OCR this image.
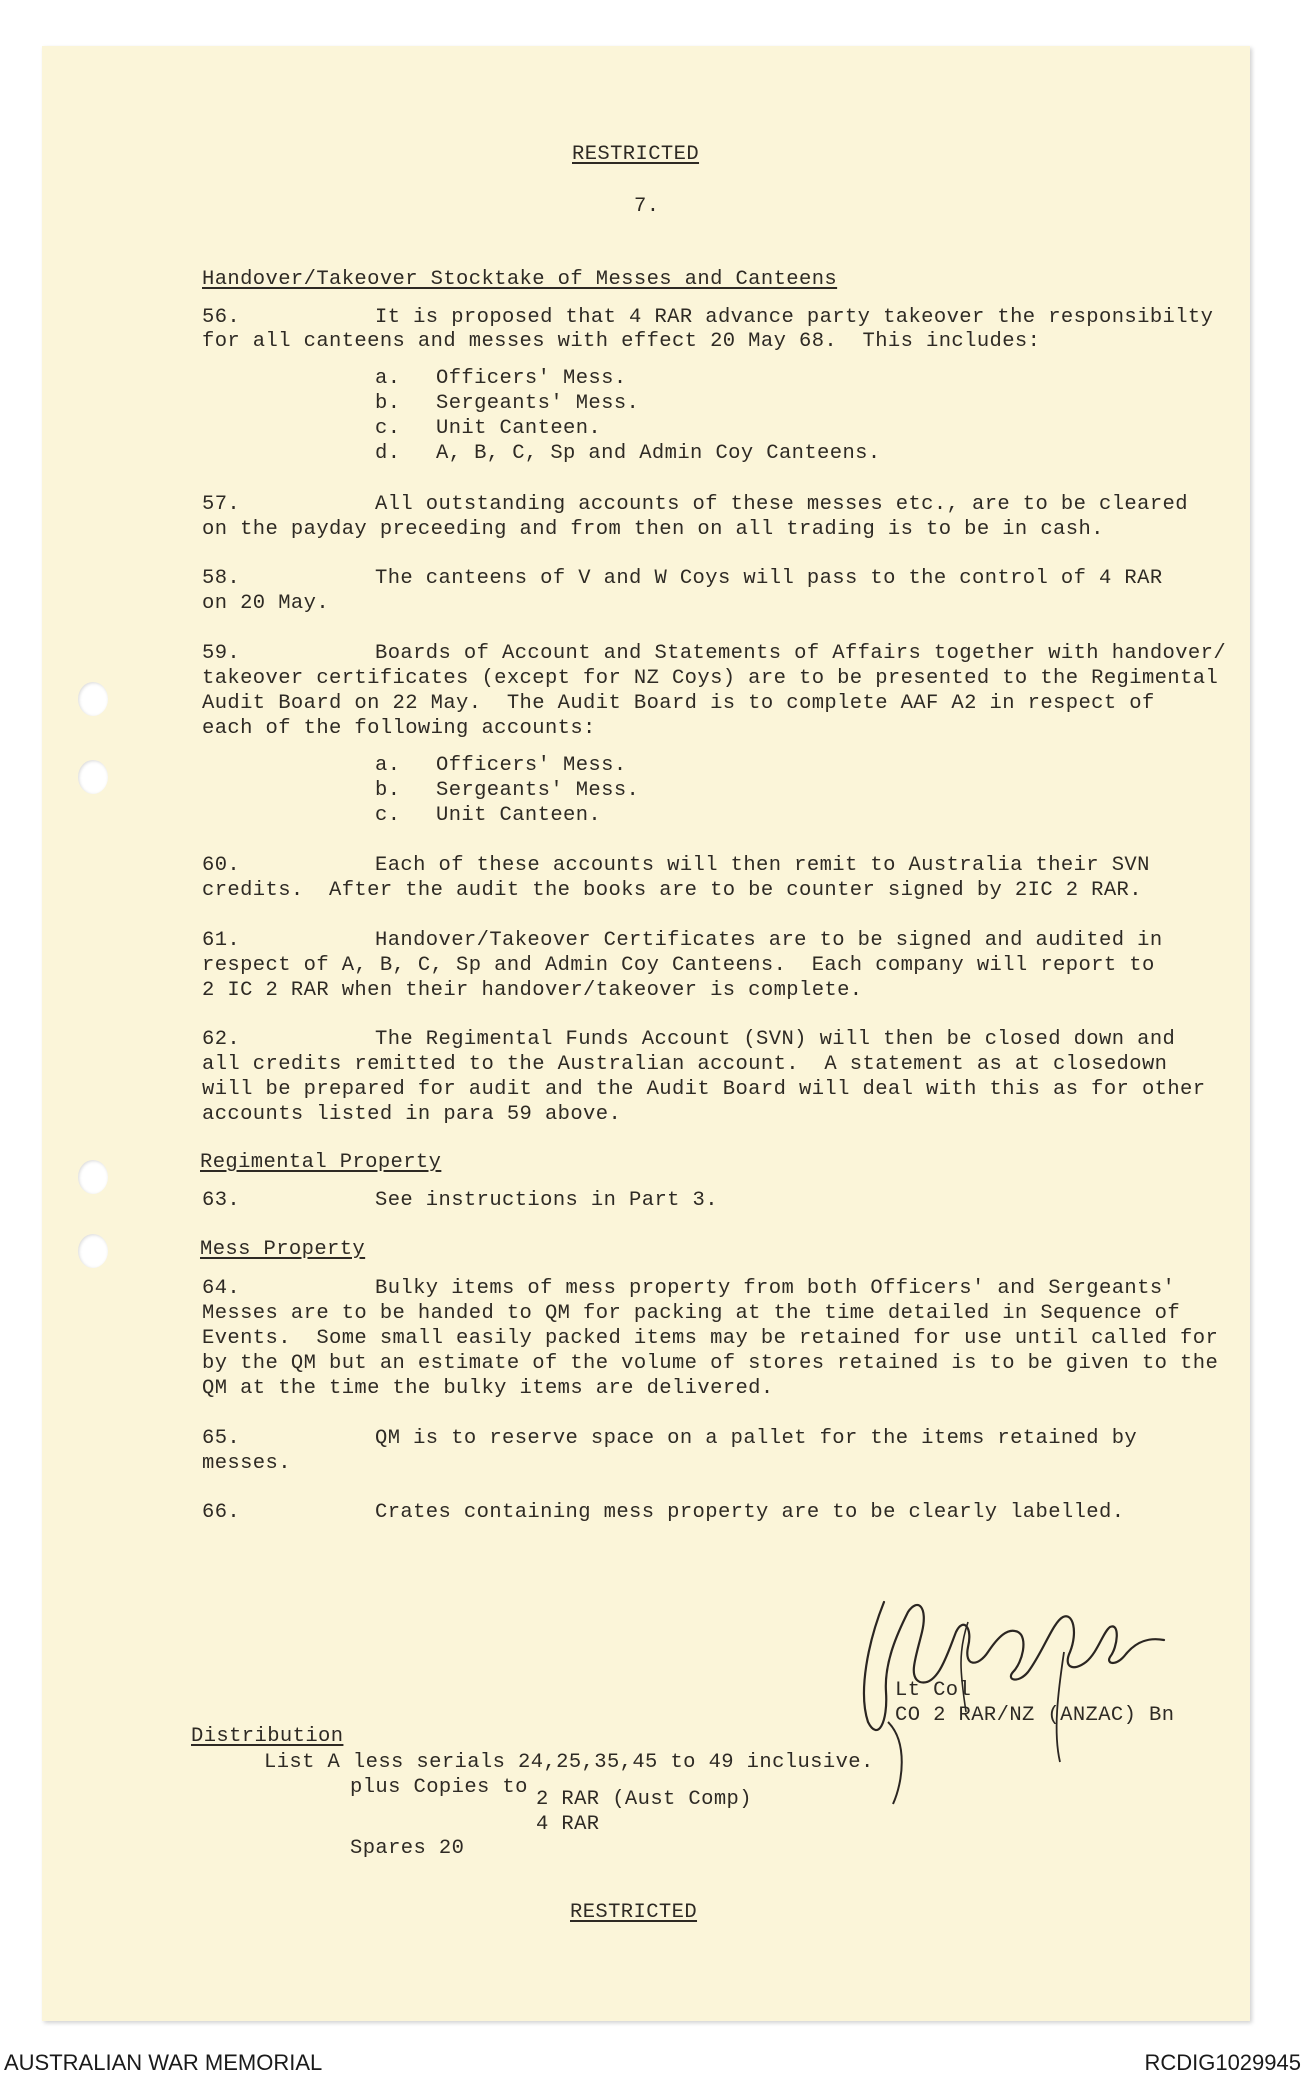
RESTRICTED
7.
Handover/Takeover Stocktake of Messes and Canteens
56.	It is proposed that 4 RAR advance party takeover the responsibilty
for all canteens and messes with effect 20 May 68.  This includes:
a. Officers' Mess.
b. Sergeants' Mess.
c. Unit Canteen.
d. A, B, C, Sp and Admin Coy Canteens.
57.	All outstanding accounts of these messes etc., are to be cleared
on the payday preceeding and from then on all trading is to be in cash.
58.	The canteens of V and W Coys will pass to the control of 4 RAR
on 20 May.
59.	Boards of Account and Statements of Affairs together with handover/
takeover certificates (except for NZ Coys) are to be presented to the Regimental
Audit Board on 22 May.  The Audit Board is to complete AAF A2 in respect of
each of the following accounts:
a. Officers' Mess.
b. Sergeants' Mess.
c. Unit Canteen.
60.	Each of these accounts will then remit to Australia their SVN
credits.  After the audit the books are to be counter signed by 2IC 2 RAR.
61.	Handover/Takeover Certificates are to be signed and audited in
respect of A, B, C, Sp and Admin Coy Canteens.  Each company will report to
2 IC 2 RAR when their handover/takeover is complete.
62.	The Regimental Funds Account (SVN) will then be closed down and
all credits remitted to the Australian account.  A statement as at closedown
will be prepared for audit and the Audit Board will deal with this as for other
accounts listed in para 59 above.
Regimental Property
63.	See instructions in Part 3.
Mess Property
64.	Bulky items of mess property from both Officers' and Sergeants'
Messes are to be handed to QM for packing at the time detailed in Sequence of
Events.  Some small easily packed items may be retained for use until called for
by the QM but an estimate of the volume of stores retained is to be given to the
QM at the time the bulky items are delivered.
65.	QM is to reserve space on a pallet for the items retained by
messes.
66.	Crates containing mess property are to be clearly labelled.
Lt Col
CO 2 RAR/NZ (ANZAC) Bn
Distribution
List A less serials 24,25,35,45 to 49 inclusive.
plus Copies to
2 RAR (Aust Comp)
4 RAR
Spares 20
RESTRICTED
AUSTRALIAN WAR MEMORIAL	RCDIG1029945
